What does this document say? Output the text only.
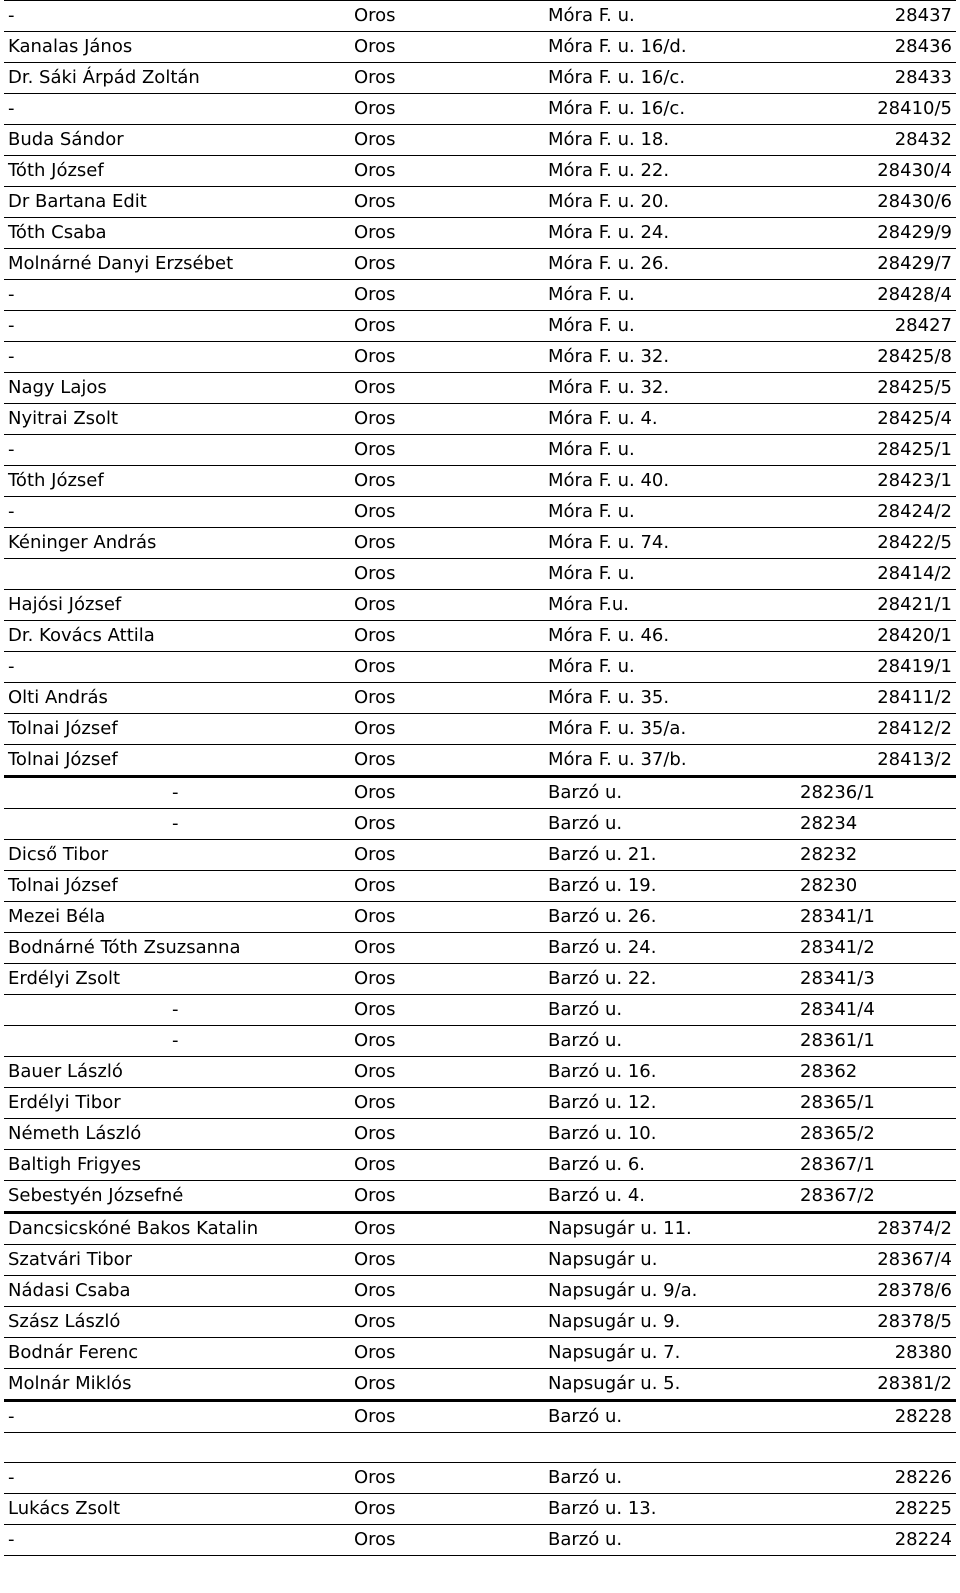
-	Oros	Móra F. u.	28437
Kanalas János	Oros	Móra F. u. 16/d.	28436
Dr. Sáki Árpád Zoltán	Oros	Móra F. u. 16/c.	28433
-	Oros	Móra F. u. 16/c.	28410/5
Buda Sándor	Oros	Móra F. u. 18.	28432
Tóth József	Oros	Móra F. u. 22.	28430/4
Dr Bartana Edit	Oros	Móra F. u. 20.	28430/6
Tóth Csaba	Oros	Móra F. u. 24.	28429/9
Molnárné Danyi Erzsébet	Oros	Móra F. u. 26.	28429/7
-	Oros	Móra F. u.	28428/4
-	Oros	Móra F. u.	28427
-	Oros	Móra F. u. 32.	28425/8
Nagy Lajos	Oros	Móra F. u. 32.	28425/5
Nyitrai Zsolt	Oros	Móra F. u. 4.	28425/4
-	Oros	Móra F. u.	28425/1
Tóth József	Oros	Móra F. u. 40.	28423/1
-	Oros	Móra F. u.	28424/2
Kéninger András	Oros	Móra F. u. 74.	28422/5
	Oros	Móra F. u.	28414/2
Hajósi József	Oros	Móra F.u.	28421/1
Dr. Kovács Attila	Oros	Móra F. u. 46.	28420/1
-	Oros	Móra F. u.	28419/1
Olti András	Oros	Móra F. u. 35.	28411/2
Tolnai József	Oros	Móra F. u. 35/a.	28412/2
Tolnai József	Oros	Móra F. u. 37/b.	28413/2
-	Oros	Barzó u.	28236/1
-	Oros	Barzó u.	28234
Dicső Tibor	Oros	Barzó u. 21.	28232
Tolnai József	Oros	Barzó u. 19.	28230
Mezei Béla	Oros	Barzó u. 26.	28341/1
Bodnárné Tóth Zsuzsanna	Oros	Barzó u. 24.	28341/2
Erdélyi Zsolt	Oros	Barzó u. 22.	28341/3
-	Oros	Barzó u.	28341/4
-	Oros	Barzó u.	28361/1
Bauer László	Oros	Barzó u. 16.	28362
Erdélyi Tibor	Oros	Barzó u. 12.	28365/1
Németh László	Oros	Barzó u. 10.	28365/2
Baltigh Frigyes	Oros	Barzó u. 6.	28367/1
Sebestyén Józsefné	Oros	Barzó u. 4.	28367/2
Dancsicskóné Bakos Katalin	Oros	Napsugár u. 11.	28374/2
Szatvári Tibor	Oros	Napsugár u.	28367/4
Nádasi Csaba	Oros	Napsugár u. 9/a.	28378/6
Szász László	Oros	Napsugár u. 9.	28378/5
Bodnár Ferenc	Oros	Napsugár u. 7.	28380
Molnár Miklós	Oros	Napsugár u. 5.	28381/2
-	Oros	Barzó u.	28228

-	Oros	Barzó u.	28226
Lukács Zsolt	Oros	Barzó u. 13.	28225
-	Oros	Barzó u.	28224
